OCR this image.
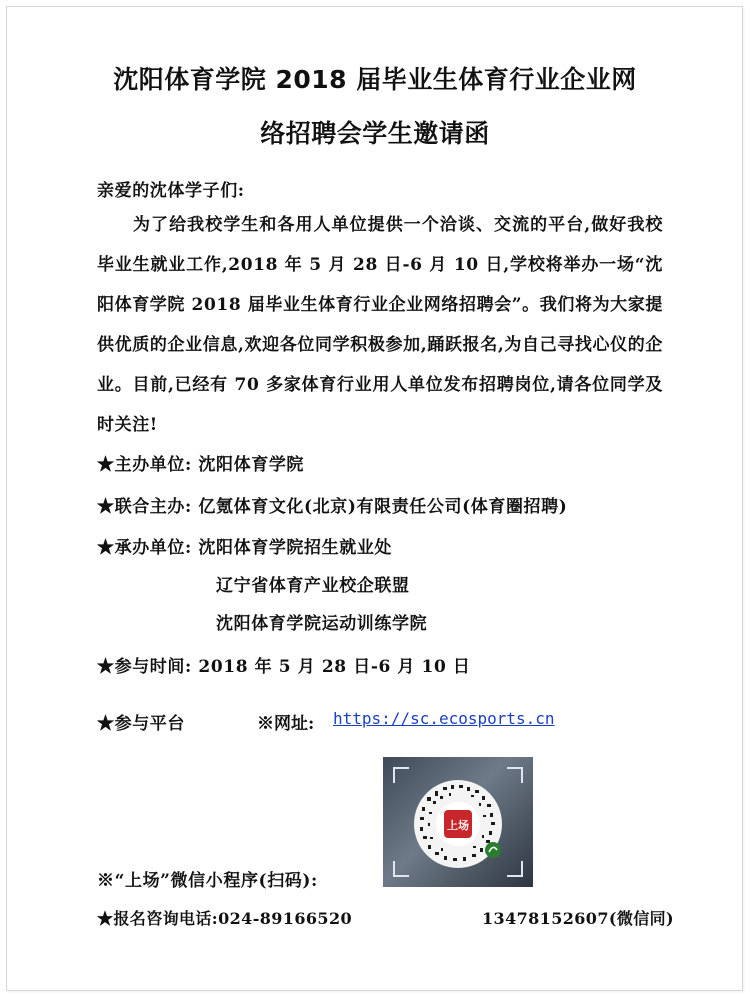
沈阳体育学院 2018 届毕业生体育行业企业网
络招聘会学生邀请函
亲爱的沈体学子们:
为了给我校学生和各用人单位提供一个洽谈、交流的平台,做好我校毕业生就业工作,2018 年 5 月 28 日-6 月 10 日,学校将举办一场“沈阳体育学院 2018 届毕业生体育行业企业网络招聘会”。我们将为大家提供优质的企业信息,欢迎各位同学积极参加,踊跃报名,为自己寻找心仪的企业。目前,已经有 70 多家体育行业用人单位发布招聘岗位,请各位同学及时关注!
★主办单位: 沈阳体育学院
★联合主办: 亿氪体育文化(北京)有限责任公司(体育圈招聘)
★承办单位: 沈阳体育学院招生就业处
辽宁省体育产业校企联盟
沈阳体育学院运动训练学院
★参与时间: 2018 年 5 月 28 日-6 月 10 日
★参与平台	※网址: https://sc.ecosports.cn
上场
※“上场”微信小程序(扫码):
★报名咨询电话:024-89166520	13478152607(微信同)
